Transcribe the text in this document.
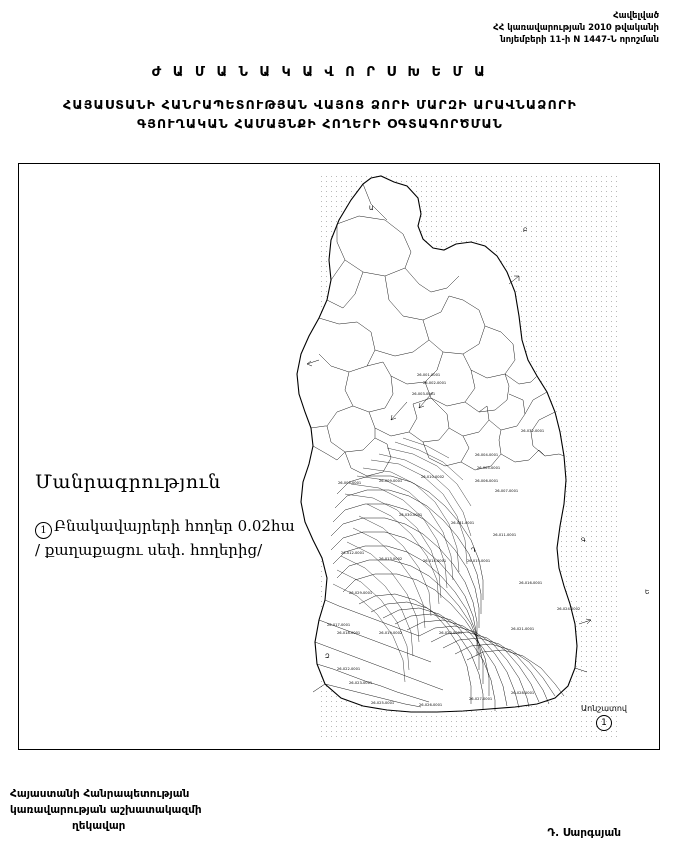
Հավելված
ՀՀ կառավարության 2010 թվականի
նոյեմբերի 11-ի N 1447-Ն որոշման
Ժ Ա Մ Ա Ն Ա Կ Ա Վ Ո Ր Ս Խ Ե Մ Ա
ՀԱՅԱՍՏԱՆԻ ՀԱՆՐԱՊԵՏՈՒԹՅԱՆ ՎԱՅՈՑ ՁՈՐԻ ՄԱՐԶԻ ԱՐԱՎՆԱՁՈՐԻ
ԳՅՈՒՂԱԿԱՆ ՀԱՄԱՅՆՔԻ ՀՈՂԵՐԻ ՕԳՏԱԳՈՐԾՄԱՆ
26-001-0001
26-002-0001
26-003-0001
26-004-0001
26-005-0001
26-006-0001
26-007-0001
26-008-0001	26-009-0001
26-010-0002
26-011-0001
26-012-0001
26-013-0002	26-014-0001	26-015-0001
26-016-0001
26-017-0001
26-018-0001	26-019-0002	26-020-0001
26-021-0001
26-022-0001
26-023-0001
26-024-0002
26-025-0001	26-026-0001
26-027-0001
26-028-0001
26-029-0001
26-030-0001
26-031-0001
26-032-0001
Ա
Բ
Գ
Դ
Ե
Զ
Մանրագրություն
1 Բնակավայրերի հողեր 0.02հա
/ քաղաքացու սեփ. հողերից/
Աոնշատով
1
Հայաստանի Հանրապետության
կառավարության աշխատակազմի
ղեկավար
Դ. Սարգսյան
